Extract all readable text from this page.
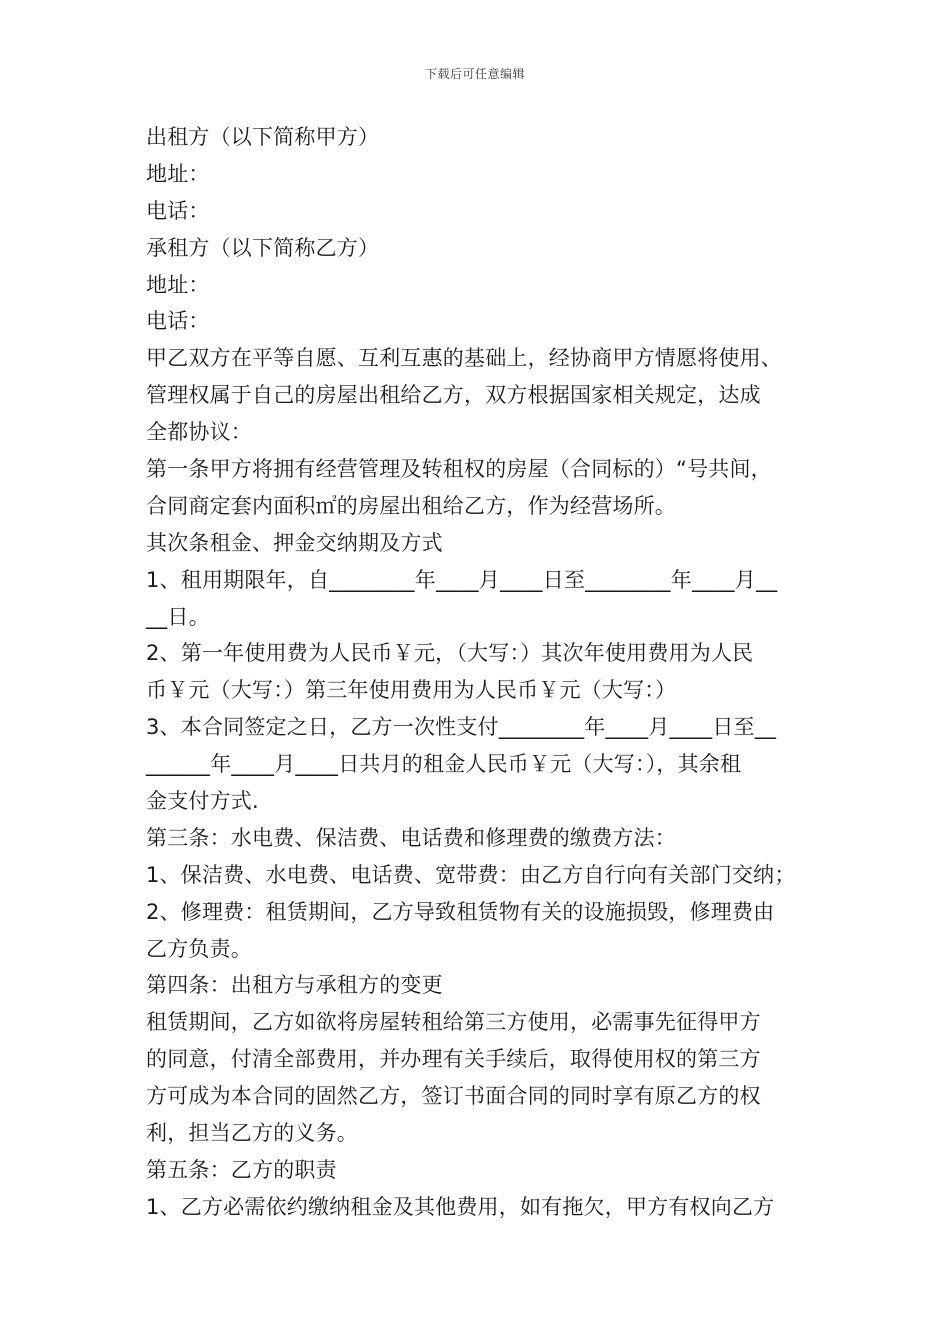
下载后可任意编辑
出租方（以下简称甲方）
地址：
电话：
承租方（以下简称乙方）
地址：
电话：
甲乙双方在平等自愿、互利互惠的基础上，经协商甲方情愿将使用、
管理权属于自己的房屋出租给乙方，双方根据国家相关规定，达成
全都协议：
第一条甲方将拥有经营管理及转租权的房屋（合同标的）“号共间，
合同商定套内面积㎡的房屋出租给乙方，作为经营场所。
其次条租金、押金交纳期及方式
1、租用期限年，自________年____月____日至________年____月__
__日。
2、第一年使用费为人民币￥元，（大写：）其次年使用费用为人民
币￥元（大写：）第三年使用费用为人民币￥元（大写：）
3、本合同签定之日，乙方一次性支付________年____月____日至__
______年____月____日共月的租金人民币￥元（大写：），其余租
金支付方式.
第三条：水电费、保洁费、电话费和修理费的缴费方法：
1、保洁费、水电费、电话费、宽带费：由乙方自行向有关部门交纳；
2、修理费：租赁期间，乙方导致租赁物有关的设施损毁，修理费由
乙方负责。
第四条：出租方与承租方的变更
租赁期间，乙方如欲将房屋转租给第三方使用，必需事先征得甲方
的同意，付清全部费用，并办理有关手续后，取得使用权的第三方
方可成为本合同的固然乙方，签订书面合同的同时享有原乙方的权
利，担当乙方的义务。
第五条：乙方的职责
1、乙方必需依约缴纳租金及其他费用，如有拖欠，甲方有权向乙方
